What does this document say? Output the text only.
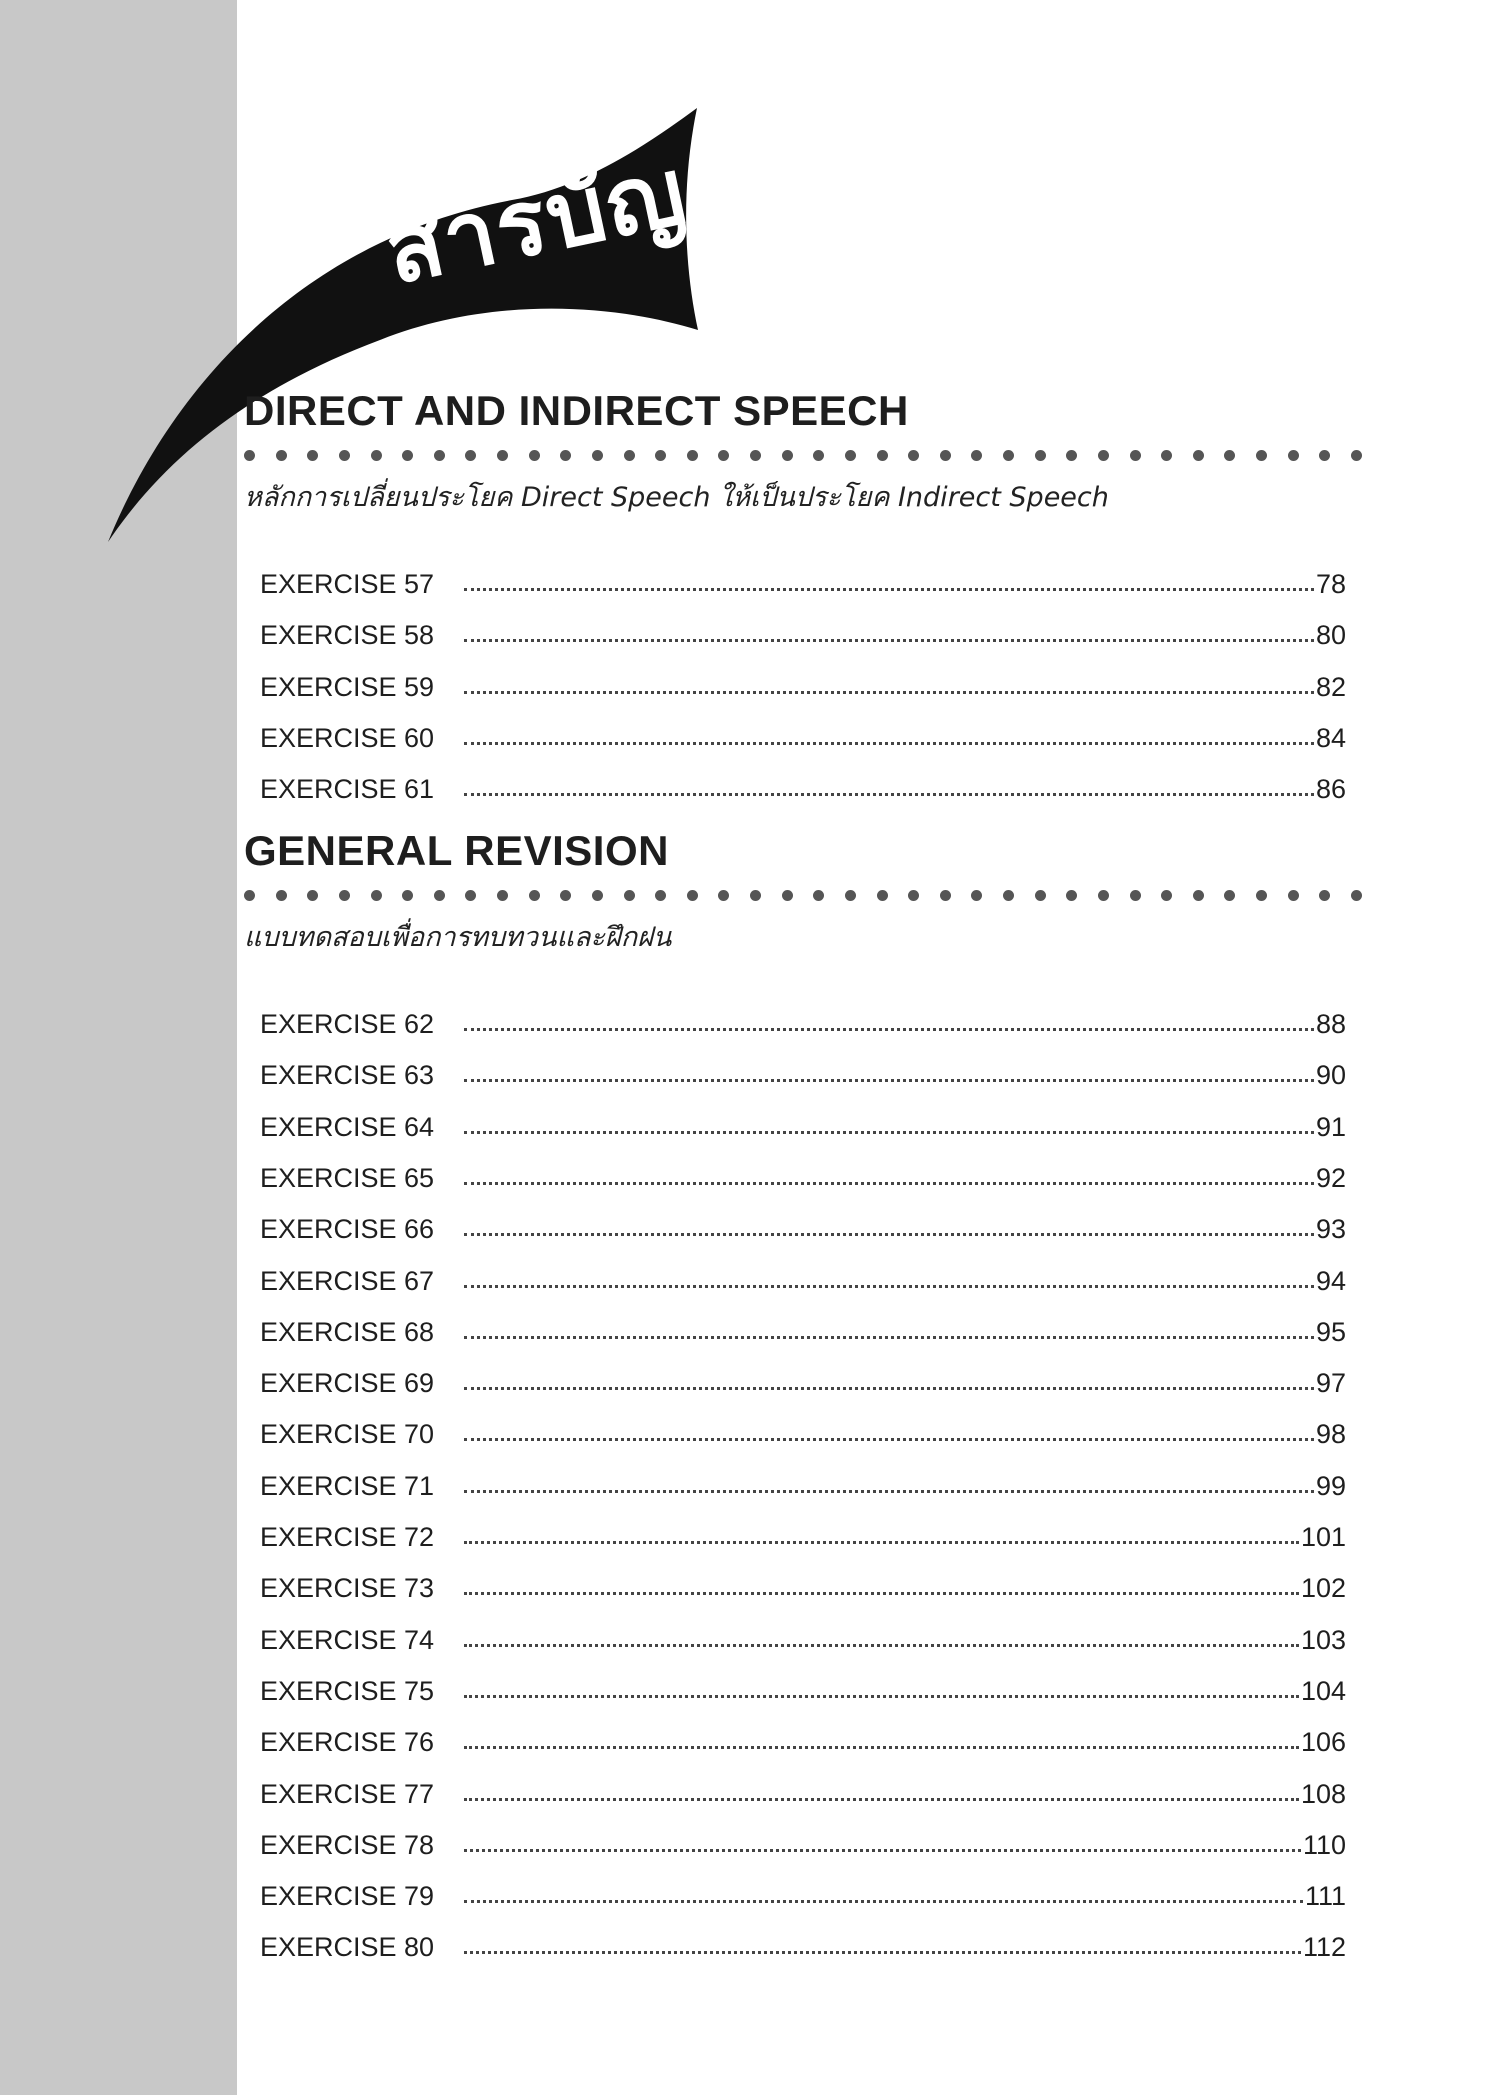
สารบัญ
DIRECT AND INDIRECT SPEECH
หลักการเปลี่ยนประโยค Direct Speech ให้เป็นประโยค Indirect Speech
EXERCISE 57	78
EXERCISE 58	80
EXERCISE 59	82
EXERCISE 60	84
EXERCISE 61	86
GENERAL REVISION
แบบทดสอบเพื่อการทบทวนและฝึกฝน
EXERCISE 62	88
EXERCISE 63	90
EXERCISE 64	91
EXERCISE 65	92
EXERCISE 66	93
EXERCISE 67	94
EXERCISE 68	95
EXERCISE 69	97
EXERCISE 70	98
EXERCISE 71	99
EXERCISE 72	101
EXERCISE 73	102
EXERCISE 74	103
EXERCISE 75	104
EXERCISE 76	106
EXERCISE 77	108
EXERCISE 78	110
EXERCISE 79	111
EXERCISE 80	112
